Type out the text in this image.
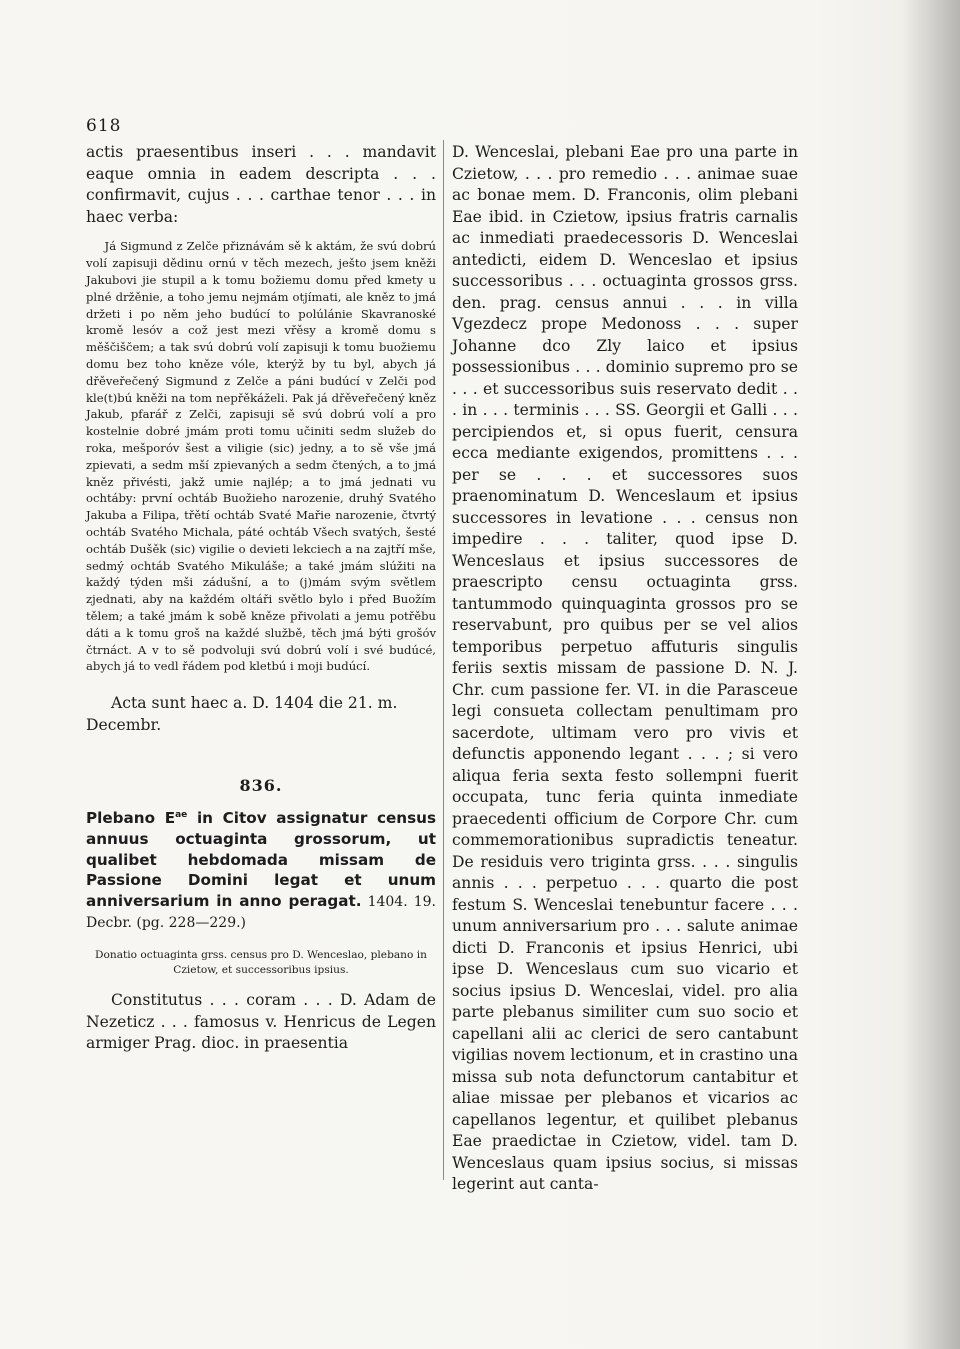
618

actis praesentibus inseri . . . mandavit eaque omnia in eadem descripta . . . confirmavit, cujus . . . carthae tenor . . . in haec verba:

Já Sigmund z Zelče přiznávám sě k aktám, že svú dobrú volí zapisuji dědinu ornú v těch mezech, ješto jsem kněži Jakubovi jie stupil a k tomu božiemu domu před kmety u plné držěnie, a toho jemu nejmám otjímati, ale kněz to jmá držeti i po něm jeho budúcí to polúlánie Skavranoské kromě lesóv a což jest mezi vřěsy a kromě domu s měščiščem; a tak svú dobrú volí zapisuji k tomu buožiemu domu bez toho kněze vóle, kterýž by tu byl, abych já dřěveřečený Sigmund z Zelče a páni budúcí v Zelči pod kle(t)bú kněži na tom nepřěkáželi. Pak já dřěveřečený kněz Jakub, pfarář z Zelči, zapisuji sě svú dobrú volí a pro kostelnie dobré jmám proti tomu učiniti sedm služeb do roka, mešporóv šest a viligie (sic) jedny, a to sě vše jmá zpievati, a sedm mší zpievaných a sedm čtených, a to jmá kněz přivésti, jakž umie najlép; a to jmá jednati vu ochtáby: první ochtáb Buožieho narozenie, druhý Svatého Jakuba a Filipa, třětí ochtáb Svaté Mařie narozenie, čtvrtý ochtáb Svatého Michala, páté ochtáb Všech svatých, šesté ochtáb Dušěk (sic) vigilie o devieti lekciech a na zajtří mše, sedmý ochtáb Svatého Mikuláše; a také jmám slúžiti na každý týden mši zádušní, a to (j)mám svým světlem zjednati, aby na každém oltáři světlo bylo i před Buožím tělem; a také jmám k sobě kněze přivolati a jemu potřěbu dáti a k tomu groš na každé službě, těch jmá býti grošóv čtrnáct. A v to sě podvoluji svú dobrú volí i své budúcé, abych já to vedl řádem pod kletbú i moji budúcí.

Acta sunt haec a. D. 1404 die 21. m. Decembr.

836.

Plebano $E^{ae}$ in Citov assignatur census annuus octuaginta grossorum, ut qualibet hebdomada missam de Passione Domini legat et unum anniversarium in anno peragat. 1404. 19. Decbr. (pg. 228—229.)

Donatio octuaginta grss. census pro D. Wenceslao, plebano in Czietow, et successoribus ipsius.

Constitutus . . . coram . . . D. Adam de Nezeticz . . . famosus v. Henricus de Legen armiger Prag. dioc. in praesentia

D. Wenceslai, plebani Eae pro una parte in Czietow, . . . pro remedio . . . animae suae ac bonae mem. D. Franconis, olim plebani Eae ibid. in Czietow, ipsius fratris carnalis ac inmediati praedecessoris D. Wenceslai antedicti, eidem D. Wenceslao et ipsius successoribus . . . octuaginta grossos grss. den. prag. census annui . . . in villa Vgezdecz prope Medonoss . . . super Johanne dco Zly laico et ipsius possessionibus . . . dominio supremo pro se . . . et successoribus suis reservato dedit . . . in . . . terminis . . . SS. Georgii et Galli . . . percipiendos et, si opus fuerit, censura ecca mediante exigendos, promittens . . . per se . . . et successores suos praenominatum D. Wenceslaum et ipsius successores in levatione . . . census non impedire . . . taliter, quod ipse D. Wenceslaus et ipsius successores de praescripto censu octuaginta grss. tantummodo quinquaginta grossos pro se reservabunt, pro quibus per se vel alios temporibus perpetuo affuturis singulis feriis sextis missam de passione D. N. J. Chr. cum passione fer. VI. in die Parasceue legi consueta collectam penultimam pro sacerdote, ultimam vero pro vivis et defunctis apponendo legant . . . ; si vero aliqua feria sexta festo sollempni fuerit occupata, tunc feria quinta inmediate praecedenti officium de Corpore Chr. cum commemorationibus supradictis teneatur. De residuis vero triginta grss. . . . singulis annis . . . perpetuo . . . quarto die post festum S. Wenceslai tenebuntur facere . . . unum anniversarium pro . . . salute animae dicti D. Franconis et ipsius Henrici, ubi ipse D. Wenceslaus cum suo vicario et socius ipsius D. Wenceslai, videl. pro alia parte plebanus similiter cum suo socio et capellani alii ac clerici de sero cantabunt vigilias novem lectionum, et in crastino una missa sub nota defunctorum cantabitur et aliae missae per plebanos et vicarios ac capellanos legentur, et quilibet plebanus Eae praedictae in Czietow, videl. tam D. Wenceslaus quam ipsius socius, si missas legerint aut canta-
